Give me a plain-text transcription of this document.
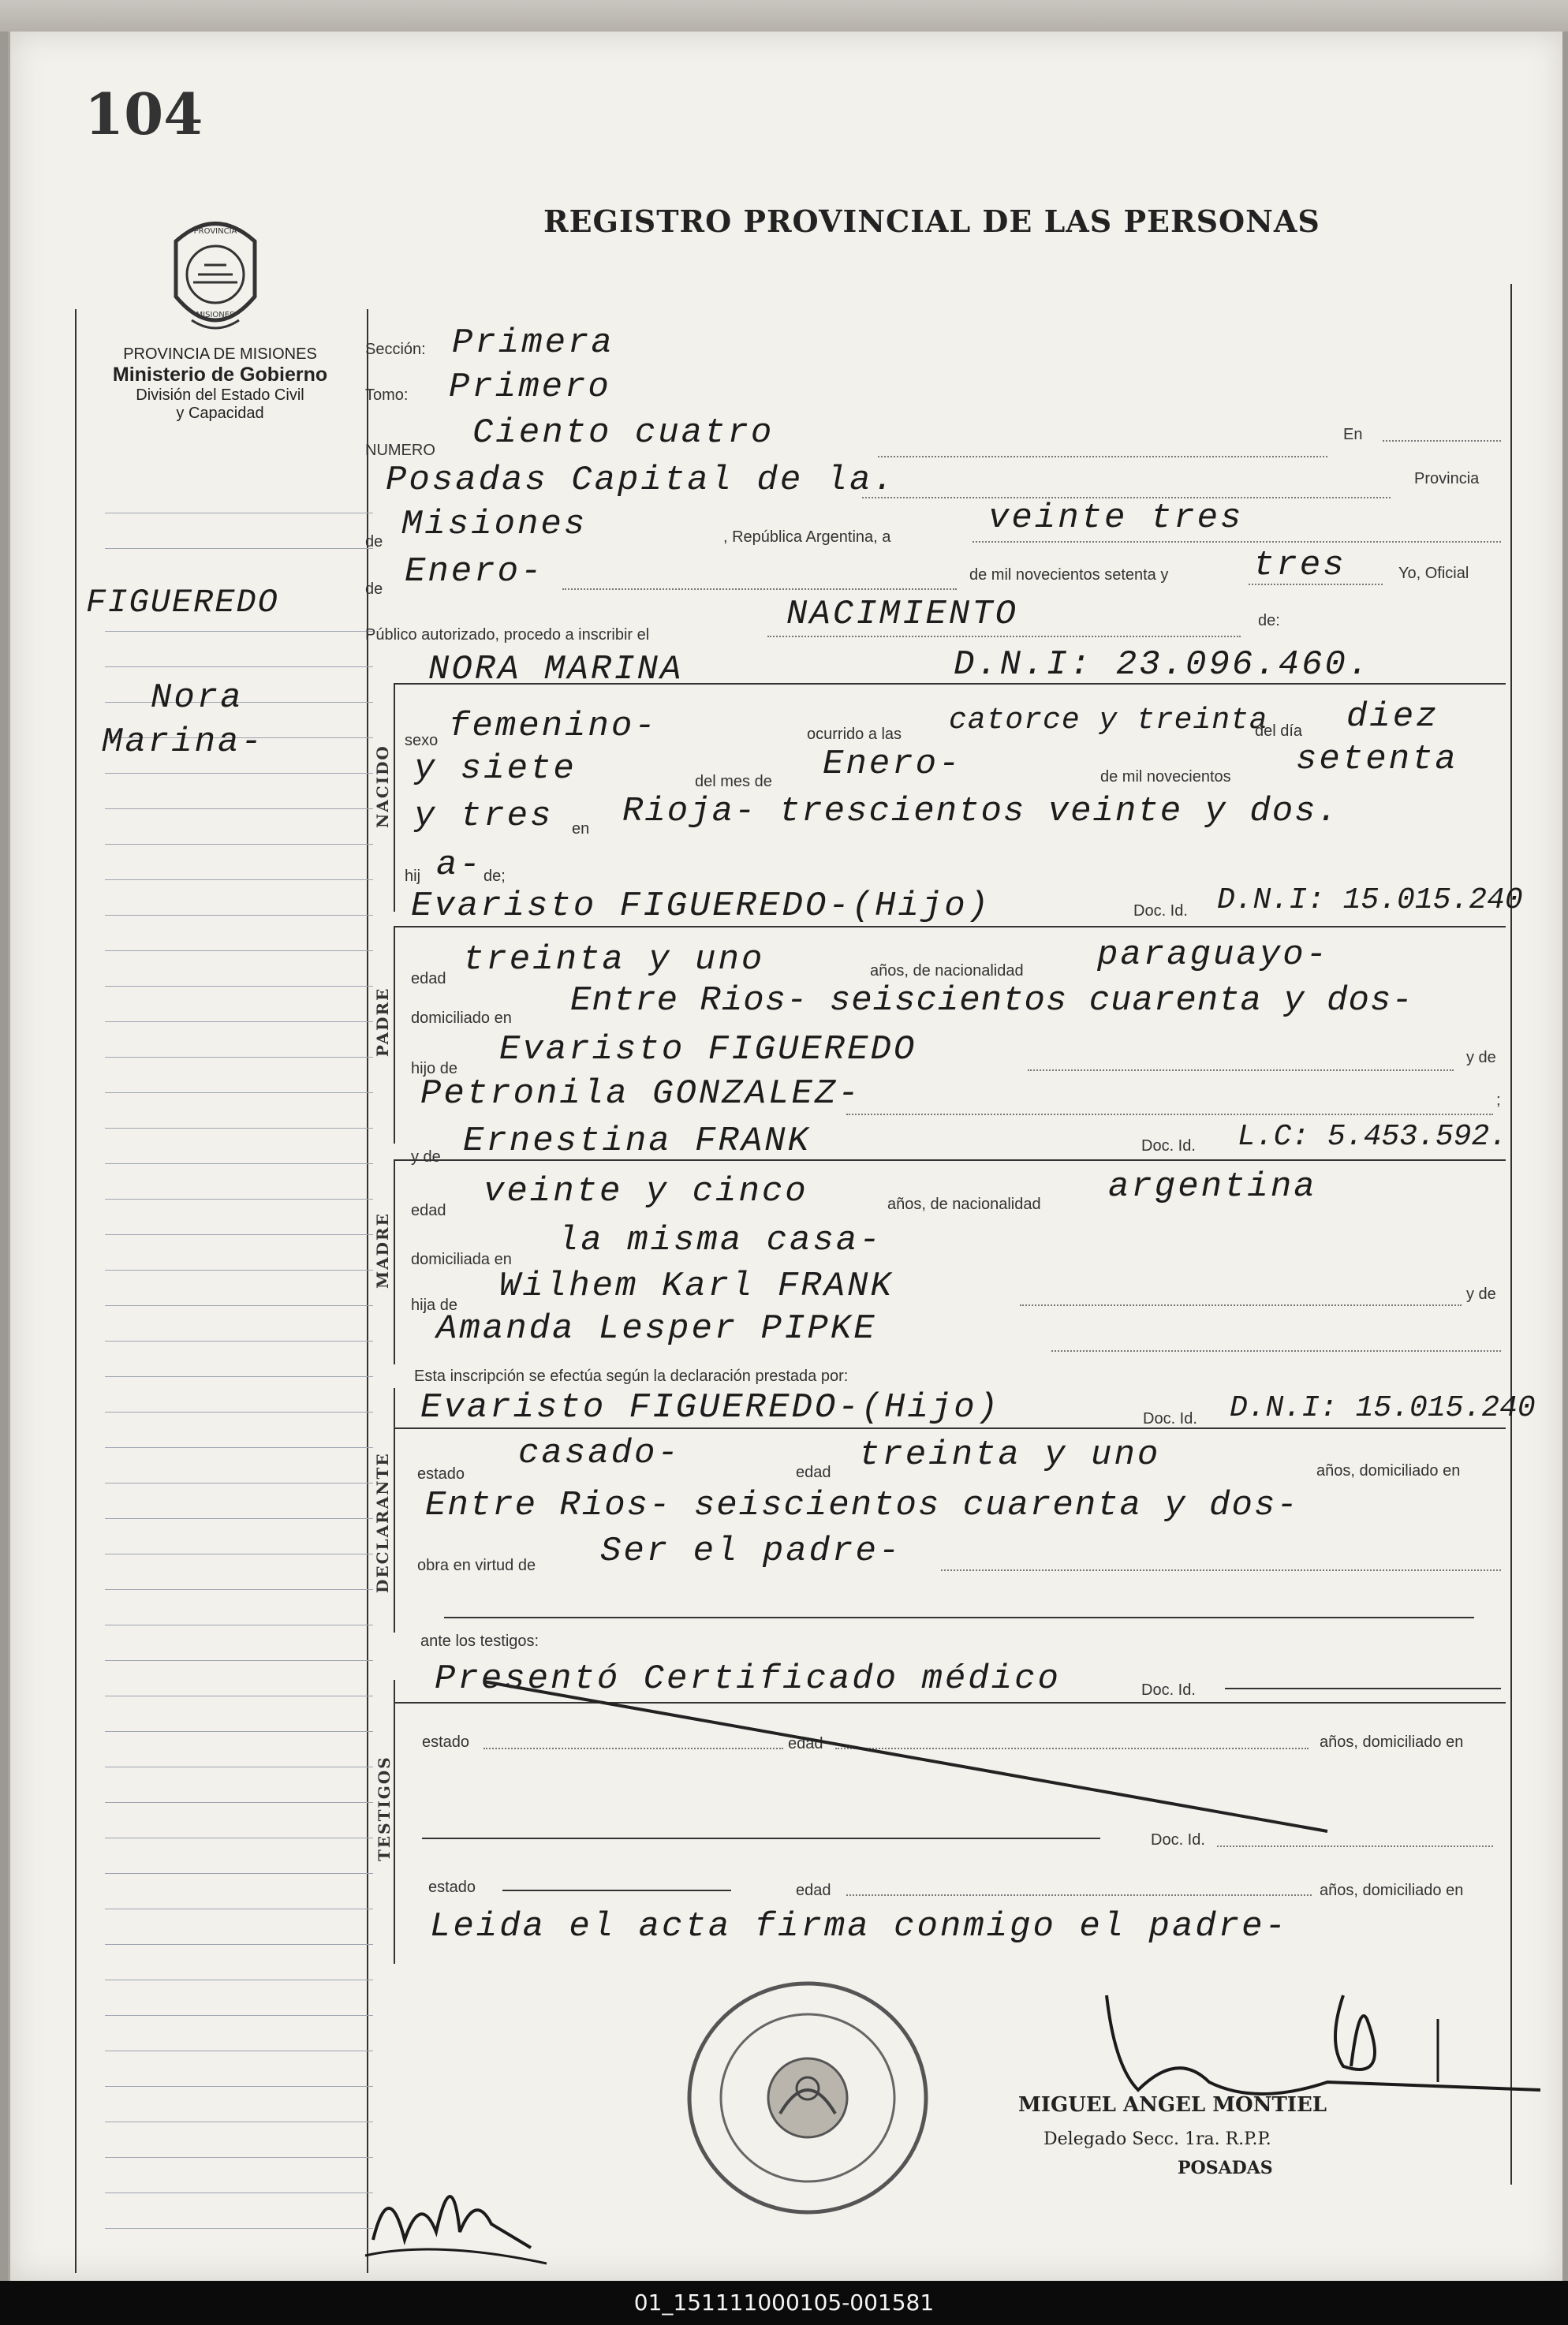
104
REGISTRO PROVINCIAL DE LAS PERSONAS
PROVINCIA
MISIONES
PROVINCIA DE MISIONES
Ministerio de Gobierno
División del Estado Civil
y Capacidad
FIGUEREDO
Nora
Marina-
Sección: Primera
Tomo: Primero
NUMERO Ciento cuatro	En
Posadas Capital de la.	Provincia
de Misiones	, República Argentina, a	veinte tres
de Enero-	de mil novecientos setenta y tres	Yo, Oficial
Público autorizado, procedo a inscribir el
NACIMIENTO	de:
NACIDO
NORA MARINA	D.N.I: 23.096.460.
sexo femenino-	ocurrido a las catorce y treinta
del día diez
y siete	del mes de Enero-	de mil novecientos setenta
y tres en Rioja- trescientos veinte y dos.
hij a- de;
PADRE
Evaristo FIGUEREDO-(Hijo)	Doc. Id. D.N.I: 15.015.240
edad treinta y uno	años, de nacionalidad paraguayo-
domiciliado en Entre Rios- seiscientos cuarenta y dos-
hijo de Evaristo FIGUEREDO	y de
Petronila GONZALEZ-	;
MADRE
y de Ernestina FRANK	Doc. Id. L.C: 5.453.592.
edad veinte y cinco	años, de nacionalidad argentina
domiciliada en la misma casa-
hija de Wilhem Karl FRANK	y de
Amanda Lesper PIPKE
Esta inscripción se efectúa según la declaración prestada por:
DECLARANTE
Evaristo FIGUEREDO-(Hijo)	Doc. Id. D.N.I: 15.015.240
estado
casado-	edad treinta y uno	años, domiciliado en
Entre Rios- seiscientos cuarenta y dos-
obra en virtud de Ser el padre-
ante los testigos:
TESTIGOS
Presentó Certificado médico	Doc. Id.
estado	edad	años, domiciliado en
Doc. Id.
estado	edad	años, domiciliado en
Leida el acta firma conmigo el padre-
MIGUEL ANGEL MONTIEL
Delegado Secc. 1ra. R.P.P.
POSADAS
01_151111000105-001581
